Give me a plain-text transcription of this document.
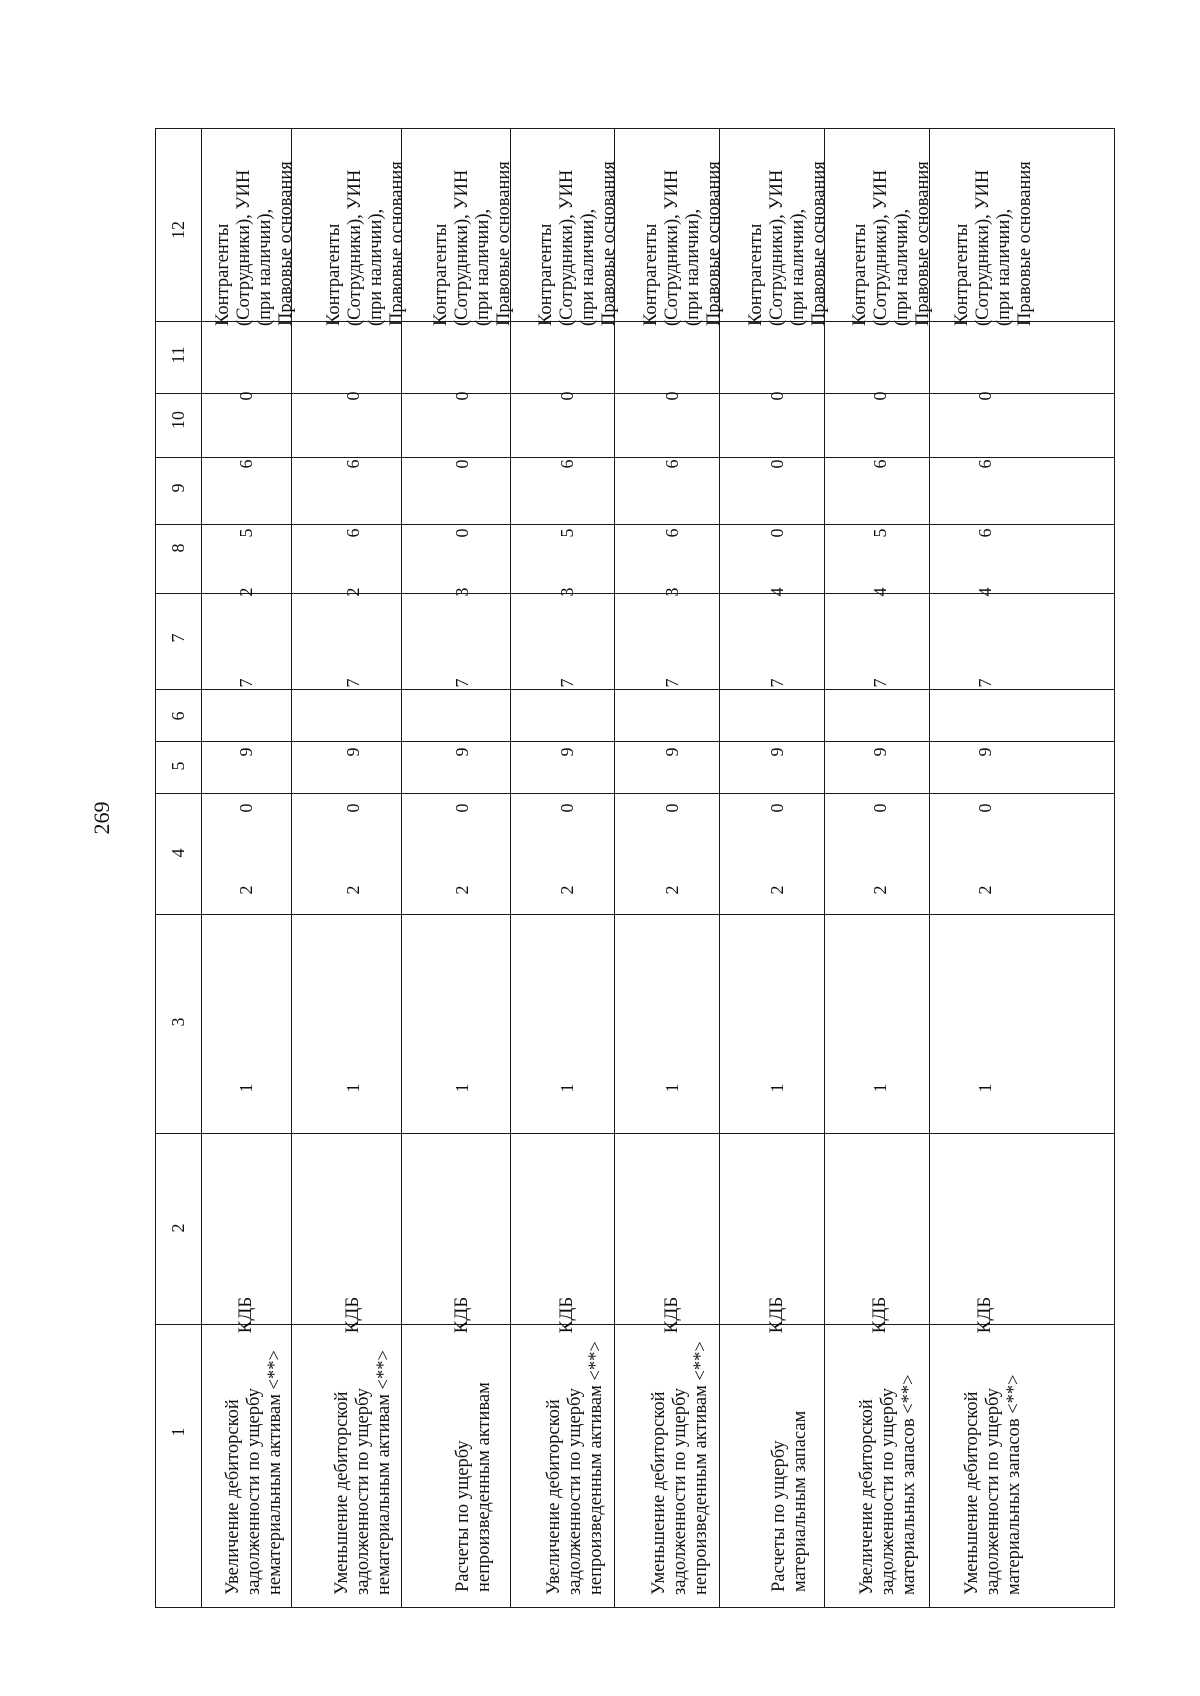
269
1
2
3
4
5
6
7
8
9
10
11
12
Увеличение дебиторской
задолженности по ущербу
нематериальным активам <**>
КДБ
1
2
0
9
7
2
5
6
0
Контрагенты
(Сотрудники), УИН
(при наличии),
Правовые основания
Уменьшение дебиторской
задолженности по ущербу
нематериальным активам <**>
КДБ
1
2
0
9
7
2
6
6
0
Контрагенты
(Сотрудники), УИН
(при наличии),
Правовые основания
Расчеты по ущербу
непроизведенным активам
КДБ
1
2
0
9
7
3
0
0
0
Контрагенты
(Сотрудники), УИН
(при наличии),
Правовые основания
Увеличение дебиторской
задолженности по ущербу
непроизведенным активам <**>
КДБ
1
2
0
9
7
3
5
6
0
Контрагенты
(Сотрудники), УИН
(при наличии),
Правовые основания
Уменьшение дебиторской
задолженности по ущербу
непроизведенным активам <**>
КДБ
1
2
0
9
7
3
6
6
0
Контрагенты
(Сотрудники), УИН
(при наличии),
Правовые основания
Расчеты по ущербу
материальным запасам
КДБ
1
2
0
9
7
4
0
0
0
Контрагенты
(Сотрудники), УИН
(при наличии),
Правовые основания
Увеличение дебиторской
задолженности по ущербу
материальных запасов <**>
КДБ
1
2
0
9
7
4
5
6
0
Контрагенты
(Сотрудники), УИН
(при наличии),
Правовые основания
Уменьшение дебиторской
задолженности по ущербу
материальных запасов <**>
КДБ
1
2
0
9
7
4
6
6
0
Контрагенты
(Сотрудники), УИН
(при наличии),
Правовые основания
